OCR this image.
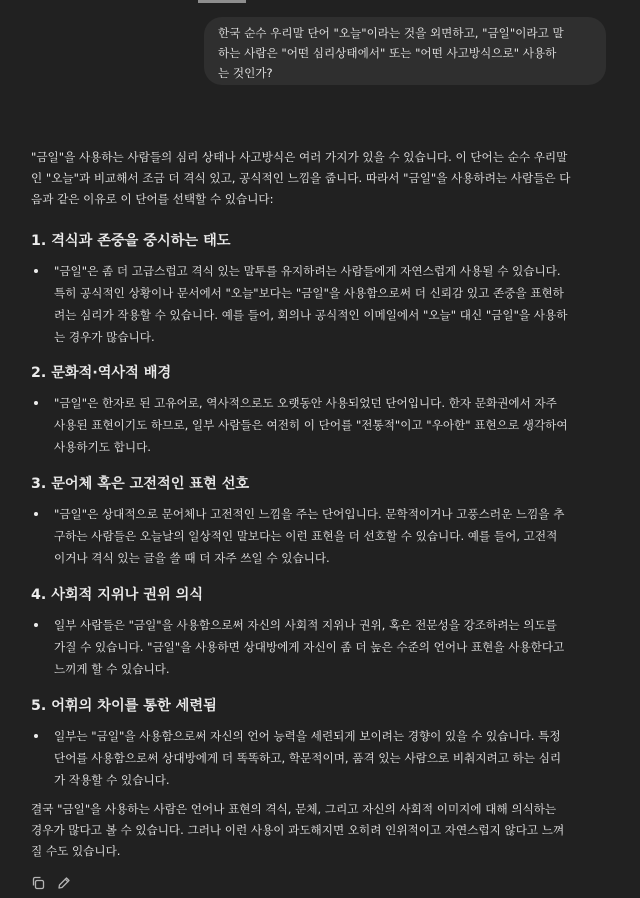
한국 순수 우리말 단어 "오늘"이라는 것을 외면하고, "금일"이라고 말
하는 사람은 "어떤 심리상태에서" 또는 "어떤 사고방식으로" 사용하
는 것인가?

"금일"을 사용하는 사람들의 심리 상태나 사고방식은 여러 가지가 있을 수 있습니다. 이 단어는 순수 우리말
인 "오늘"과 비교해서 조금 더 격식 있고, 공식적인 느낌을 줍니다. 따라서 "금일"을 사용하려는 사람들은 다
음과 같은 이유로 이 단어를 선택할 수 있습니다:

1. 격식과 존중을 중시하는 태도
"금일"은 좀 더 고급스럽고 격식 있는 말투를 유지하려는 사람들에게 자연스럽게 사용될 수 있습니다.
특히 공식적인 상황이나 문서에서 "오늘"보다는 "금일"을 사용함으로써 더 신뢰감 있고 존중을 표현하
려는 심리가 작용할 수 있습니다. 예를 들어, 회의나 공식적인 이메일에서 "오늘" 대신 "금일"을 사용하
는 경우가 많습니다.
2. 문화적·역사적 배경
"금일"은 한자로 된 고유어로, 역사적으로도 오랫동안 사용되었던 단어입니다. 한자 문화권에서 자주
사용된 표현이기도 하므로, 일부 사람들은 여전히 이 단어를 "전통적"이고 "우아한" 표현으로 생각하여
사용하기도 합니다.
3. 문어체 혹은 고전적인 표현 선호
"금일"은 상대적으로 문어체나 고전적인 느낌을 주는 단어입니다. 문학적이거나 고풍스러운 느낌을 추
구하는 사람들은 오늘날의 일상적인 말보다는 이런 표현을 더 선호할 수 있습니다. 예를 들어, 고전적
이거나 격식 있는 글을 쓸 때 더 자주 쓰일 수 있습니다.
4. 사회적 지위나 권위 의식
일부 사람들은 "금일"을 사용함으로써 자신의 사회적 지위나 권위, 혹은 전문성을 강조하려는 의도를
가질 수 있습니다. "금일"을 사용하면 상대방에게 자신이 좀 더 높은 수준의 언어나 표현을 사용한다고
느끼게 할 수 있습니다.
5. 어휘의 차이를 통한 세련됨
일부는 "금일"을 사용함으로써 자신의 언어 능력을 세련되게 보이려는 경향이 있을 수 있습니다. 특정
단어를 사용함으로써 상대방에게 더 똑똑하고, 학문적이며, 품격 있는 사람으로 비춰지려고 하는 심리
가 작용할 수 있습니다.

결국 "금일"을 사용하는 사람은 언어나 표현의 격식, 문체, 그리고 자신의 사회적 이미지에 대해 의식하는
경우가 많다고 볼 수 있습니다. 그러나 이런 사용이 과도해지면 오히려 인위적이고 자연스럽지 않다고 느껴
질 수도 있습니다.
